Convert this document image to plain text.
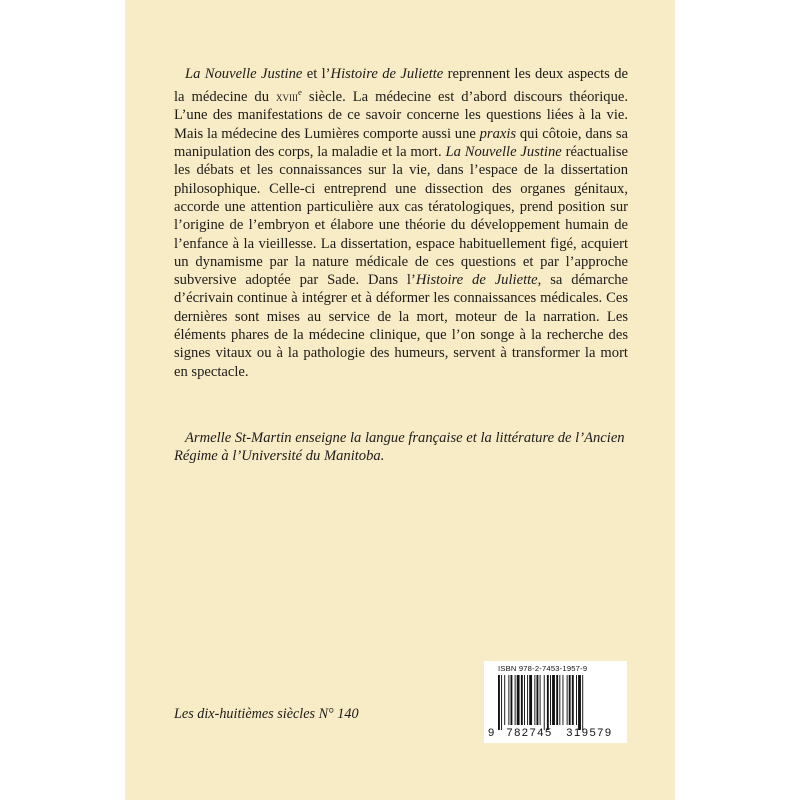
La Nouvelle Justine et l’Histoire de Juliette reprennent les deux aspects de la médecine du xviii$^e$ siècle. La médecine est d’abord discours théorique. L’une des manifestations de ce savoir concerne les questions liées à la vie. Mais la médecine des Lumières comporte aussi une praxis qui côtoie, dans sa manipulation des corps, la maladie et la mort. La Nouvelle Justine réactualise les débats et les connaissances sur la vie, dans l’espace de la dissertation philosophique. Celle-ci entreprend une dissection des organes génitaux, accorde une attention particulière aux cas tératologiques, prend position sur l’origine de l’embryon et élabore une théorie du développement humain de l’enfance à la vieillesse. La dissertation, espace habituellement figé, acquiert un dynamisme par la nature médicale de ces questions et par l’approche subversive adoptée par Sade. Dans l’Histoire de Juliette, sa démarche d’écrivain continue à intégrer et à déformer les connaissances médicales. Ces dernières sont mises au service de la mort, moteur de la narration. Les éléments phares de la médecine clinique, que l’on songe à la recherche des signes vitaux ou à la pathologie des humeurs, servent à transformer la mort en spectacle.

Armelle St-Martin enseigne la langue française et la littérature de l’Ancien Régime à l’Université du Manitoba.

Les dix-huitièmes siècles N° 140
ISBN 978-2-7453-1957-9
9 782745 319579
